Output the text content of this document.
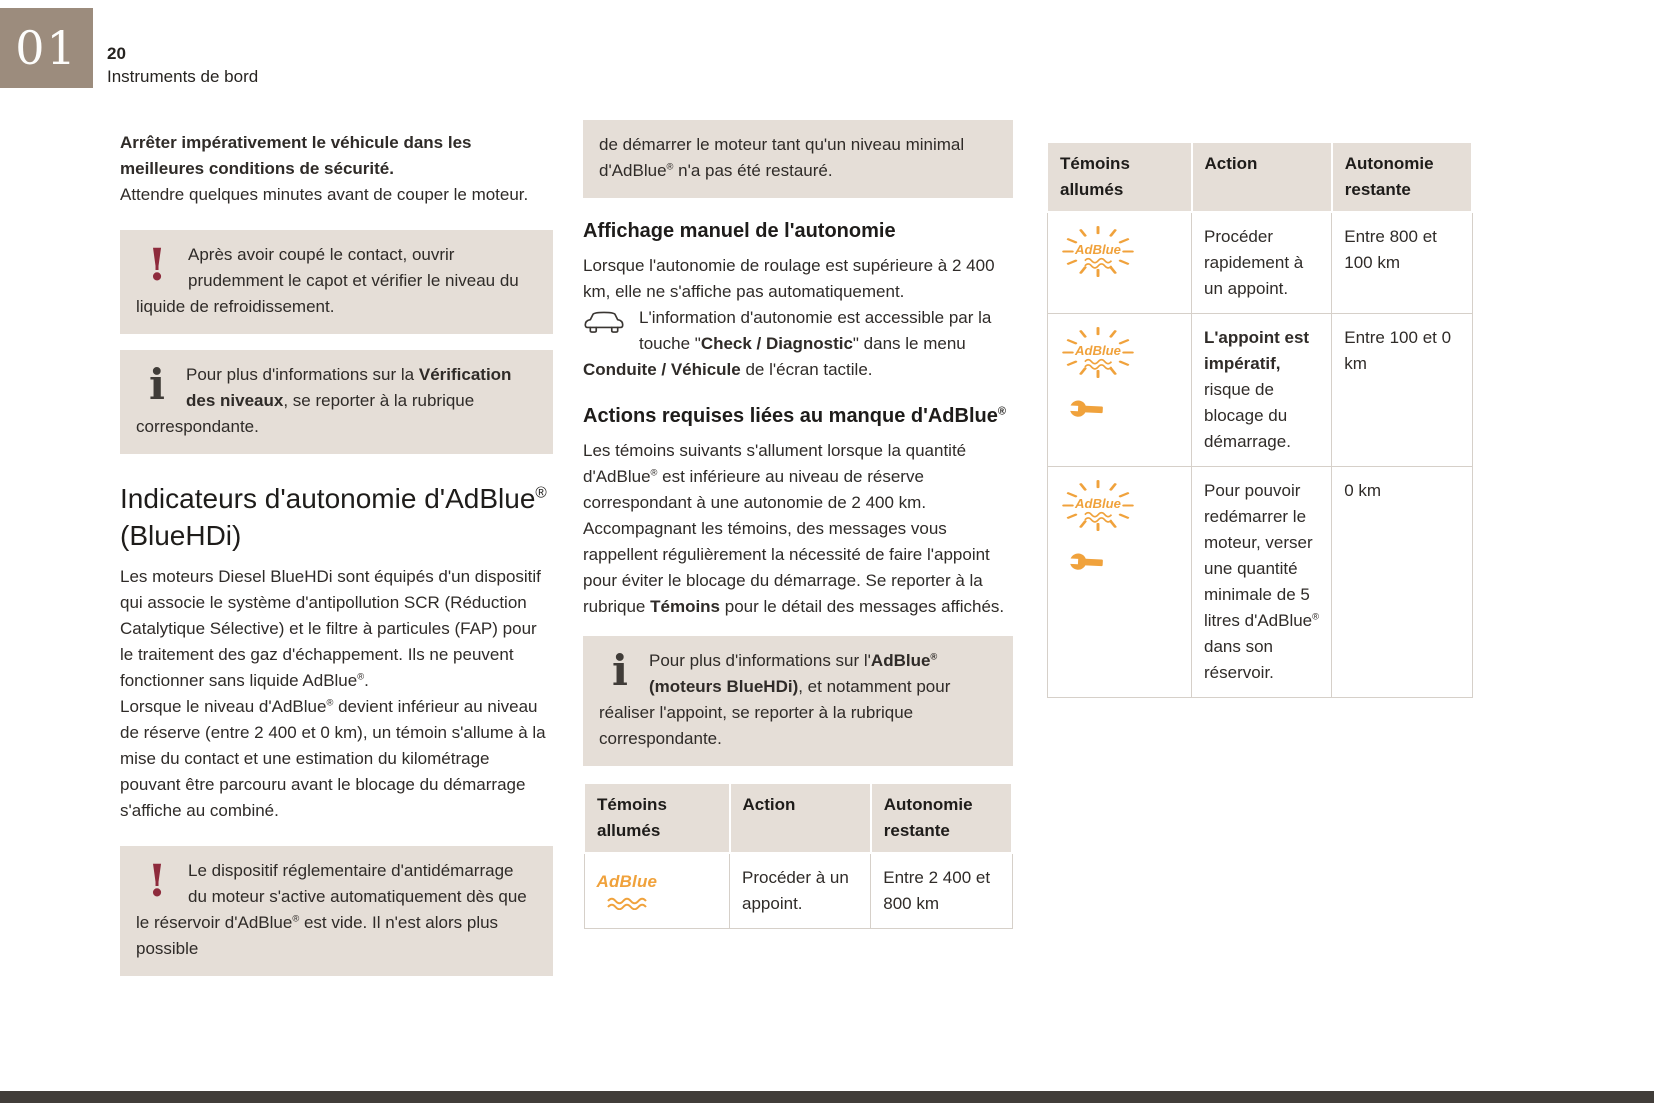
01 20
Instruments de bord

Arrêter impérativement le véhicule dans les meilleures conditions de sécurité.

Attendre quelques minutes avant de couper le moteur.

!	Après avoir coupé le contact, ouvrir prudemment le capot et vérifier le niveau du liquide de refroidissement.

i	Pour plus d'informations sur la Vérification des niveaux, se reporter à la rubrique correspondante.

Indicateurs d'autonomie d'AdBlue® (BlueHDi)

Les moteurs Diesel BlueHDi sont équipés d'un dispositif qui associe le système d'antipollution SCR (Réduction Catalytique Sélective) et le filtre à particules (FAP) pour le traitement des gaz d'échappement. Ils ne peuvent fonctionner sans liquide AdBlue®.

Lorsque le niveau d'AdBlue® devient inférieur au niveau de réserve (entre 2 400 et 0 km), un témoin s'allume à la mise du contact et une estimation du kilométrage pouvant être parcouru avant le blocage du démarrage s'affiche au combiné.

!	Le dispositif réglementaire d'antidémarrage du moteur s'active automatiquement dès que le réservoir d'AdBlue® est vide. Il n'est alors plus possible

de démarrer le moteur tant qu'un niveau minimal d'AdBlue® n'a pas été restauré.

Affichage manuel de l'autonomie

Lorsque l'autonomie de roulage est supérieure à 2 400 km, elle ne s'affiche pas automatiquement.

L'information d'autonomie est accessible par la touche "Check / Diagnostic" dans le menu Conduite / Véhicule de l'écran tactile.
Actions requises liées au manque d'AdBlue®

Les témoins suivants s'allument lorsque la quantité d'AdBlue® est inférieure au niveau de réserve correspondant à une autonomie de 2 400 km.

Accompagnant les témoins, des messages vous rappellent régulièrement la nécessité de faire l'appoint pour éviter le blocage du démarrage. Se reporter à la rubrique Témoins pour le détail des messages affichés.

i	Pour plus d'informations sur l'AdBlue® (moteurs BlueHDi), et notamment pour réaliser l'appoint, se reporter à la rubrique correspondante.

Témoins allumés	Action	Autonomie restante

AdBlue	Procéder à un appoint.	Entre 2 400 et 800 km
Témoins allumés	Action	Autonomie restante

AdBlue	Procéder rapidement à un appoint.	Entre 800 et 100 km

AdBlue	L'appoint est impératif, risque de blocage du démarrage.	Entre 100 et 0 km

AdBlue	Pour pouvoir redémarrer le moteur, verser une quantité minimale de 5 litres d'AdBlue® dans son réservoir.	0 km
